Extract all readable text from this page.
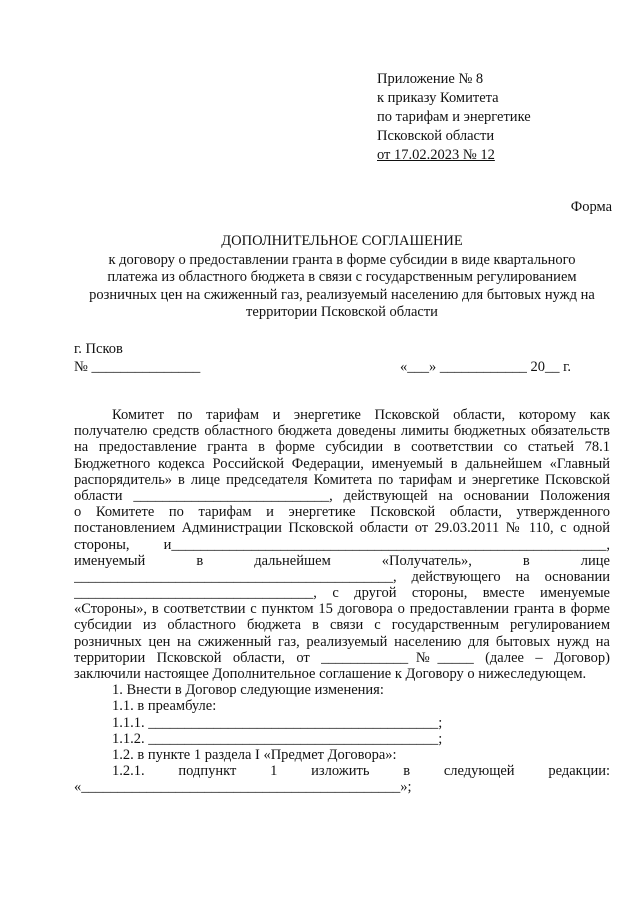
Приложение № 8
к приказу Комитета
по тарифам и энергетике
Псковской области
от 17.02.2023 № 12
Форма
ДОПОЛНИТЕЛЬНОЕ СОГЛАШЕНИЕ
к договору о предоставлении гранта в форме субсидии в виде квартального
платежа из областного бюджета в связи с государственным регулированием
розничных цен на сжиженный газ, реализуемый населению для бытовых нужд на
территории Псковской области
г. Псков
№ _______________	«___» ____________ 20__ г.
Комитет по тарифам и энергетике Псковской области, которому как
получателю средств областного бюджета доведены лимиты бюджетных обязательств
на предоставление гранта в форме субсидии в соответствии со статьей 78.1
Бюджетного кодекса Российской Федерации, именуемый в дальнейшем «Главный
распорядитель» в лице председателя Комитета по тарифам и энергетике Псковской
области ___________________________, действующей на основании Положения
о Комитете по тарифам и энергетике Псковской области, утвержденного
постановлением Администрации Псковской области от 29.03.2011 № 110, с одной
стороны, и____________________________________________________________,
именуемый в дальнейшем «Получатель», в лице
____________________________________________, действующего на основании
_________________________________, с другой стороны, вместе именуемые
«Стороны», в соответствии с пунктом 15 договора о предоставлении гранта в форме
субсидии из областного бюджета в связи с государственным регулированием
розничных цен на сжиженный газ, реализуемый населению для бытовых нужд на
территории Псковской области, от ____________№_____ (далее – Договор)
заключили настоящее Дополнительное соглашение к Договору о нижеследующем.
1. Внести в Договор следующие изменения:
1.1. в преамбуле:
1.1.1. ________________________________________;
1.1.2. ________________________________________;
1.2. в пункте 1 раздела I «Предмет Договора»:
1.2.1. подпункт 1 изложить в следующей редакции:
«____________________________________________»;
